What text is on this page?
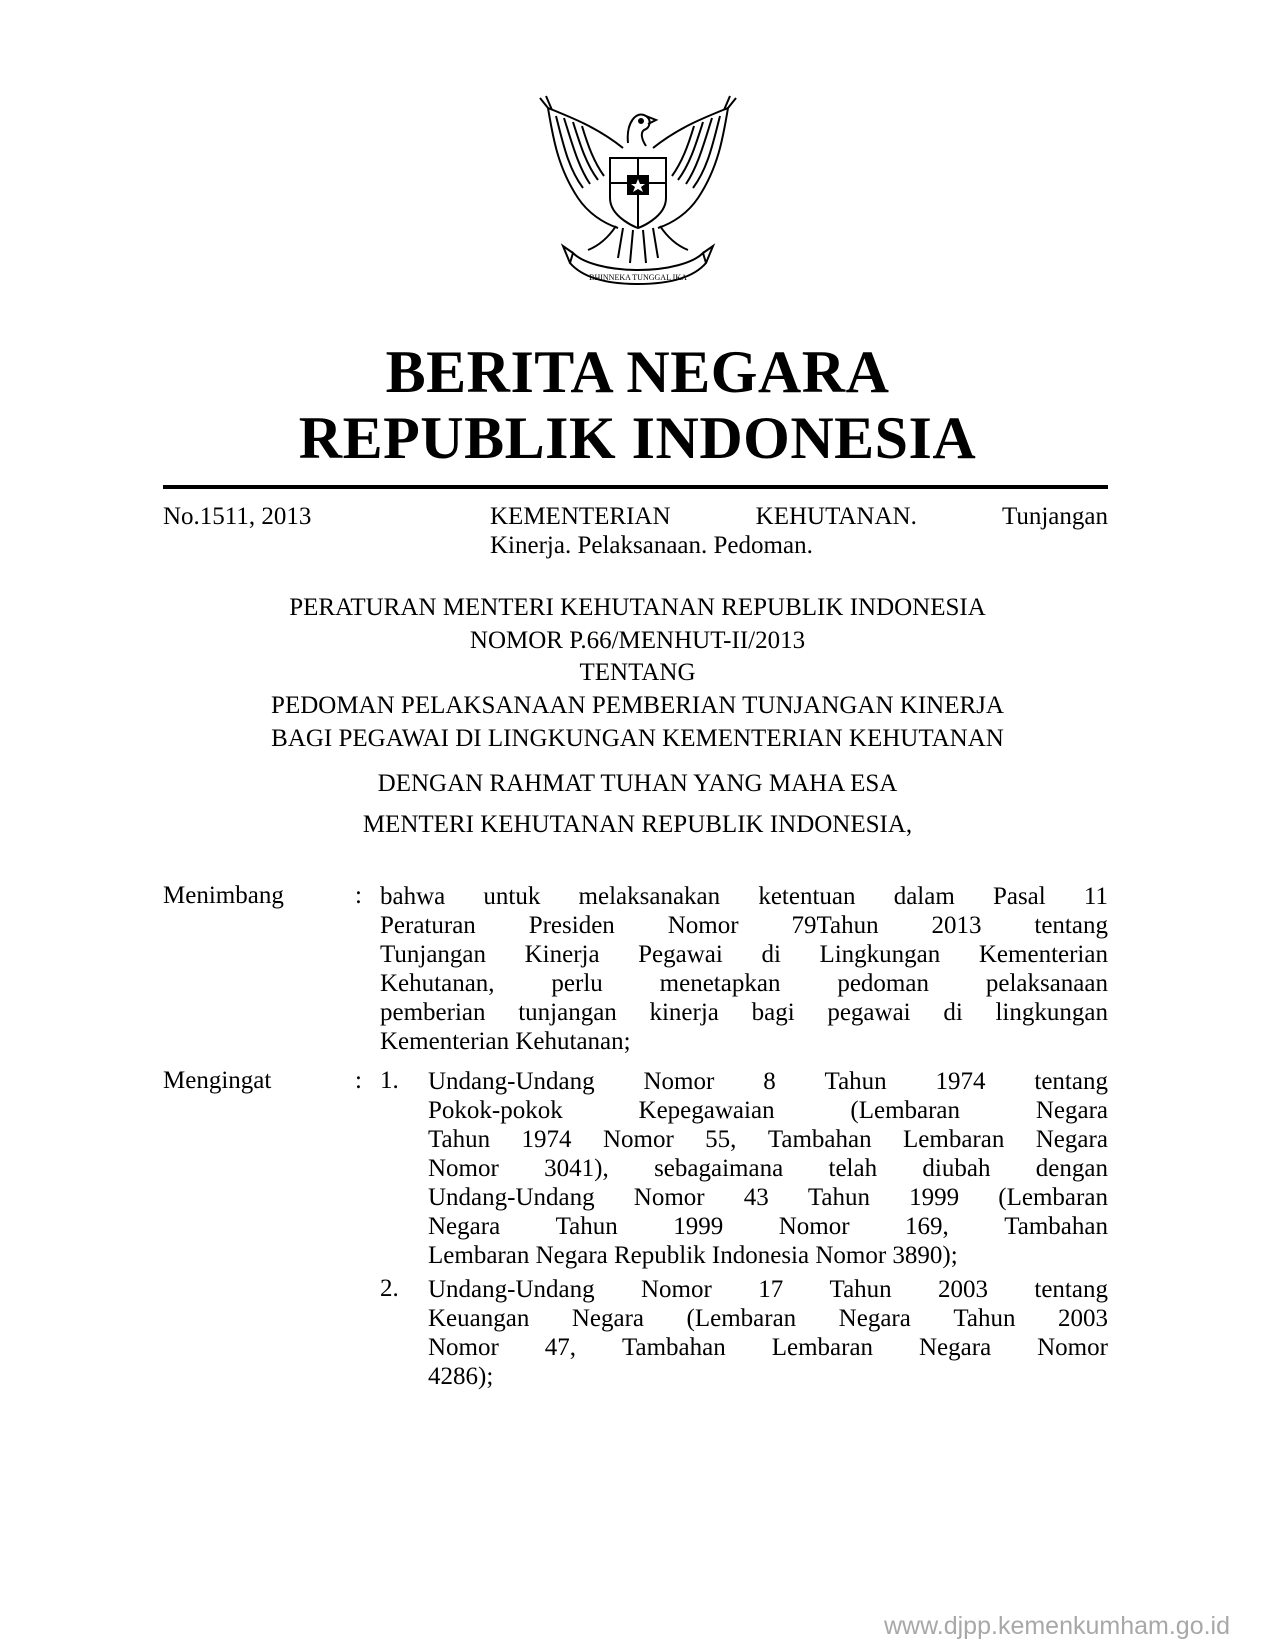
BHINNEKA TUNGGAL IKA
BERITA NEGARA
REPUBLIK INDONESIA
No.1511, 2013	KEMENTERIAN	KEHUTANAN.	Tunjangan
Kinerja. Pelaksanaan. Pedoman.
PERATURAN MENTERI KEHUTANAN REPUBLIK INDONESIA
NOMOR P.66/MENHUT-II/2013
TENTANG
PEDOMAN PELAKSANAAN PEMBERIAN TUNJANGAN KINERJA
BAGI PEGAWAI DI LINGKUNGAN KEMENTERIAN KEHUTANAN
DENGAN RAHMAT TUHAN YANG MAHA ESA
MENTERI KEHUTANAN REPUBLIK INDONESIA,
Menimbang	: bahwa untuk melaksanakan ketentuan dalam Pasal 11
Peraturan Presiden Nomor 79Tahun 2013 tentang
Tunjangan Kinerja Pegawai di Lingkungan Kementerian
Kehutanan, perlu menetapkan pedoman pelaksanaan
pemberian tunjangan kinerja bagi pegawai di lingkungan
Kementerian Kehutanan;
Mengingat	: 1. Undang-Undang Nomor 8 Tahun 1974 tentang
Pokok-pokok	Kepegawaian	(Lembaran	Negara
Tahun 1974 Nomor 55, Tambahan Lembaran Negara
Nomor 3041), sebagaimana telah diubah dengan
Undang-Undang Nomor 43 Tahun 1999 (Lembaran
Negara Tahun 1999 Nomor 169, Tambahan
Lembaran Negara Republik Indonesia Nomor 3890);
2. Undang-Undang Nomor 17 Tahun 2003 tentang
Keuangan Negara (Lembaran Negara Tahun 2003
Nomor 47, Tambahan Lembaran Negara Nomor
4286);
www.djpp.kemenkumham.go.id
